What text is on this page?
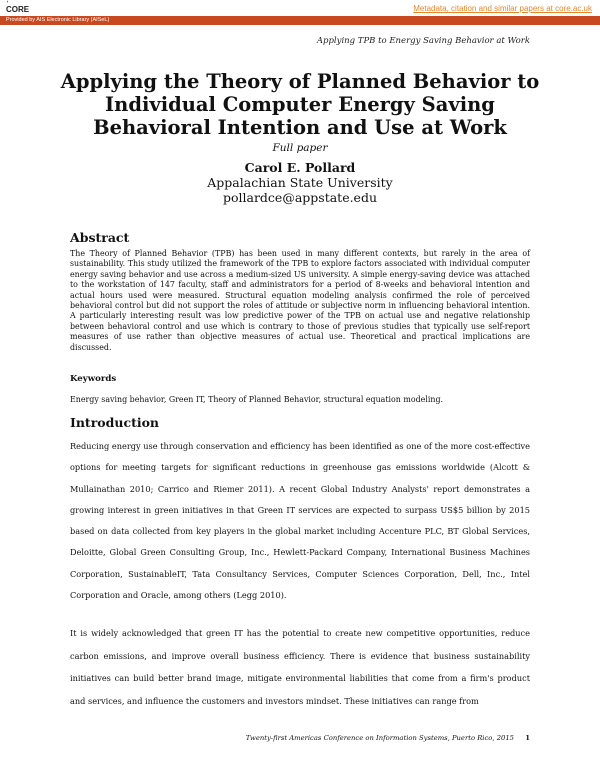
◖
CORE	Metadata, citation and similar papers at core.ac.uk
Provided by AIS Electronic Library (AISeL)
Applying TPB to Energy Saving Behavior at Work
Applying the Theory of Planned Behavior to Individual Computer Energy Saving Behavioral Intention and Use at Work
Full paper
Carol E. Pollard
Appalachian State University
pollardce@appstate.edu
Abstract
The Theory of Planned Behavior (TPB) has been used in many different contexts, but rarely in the area of sustainability. This study utilized the framework of the TPB to explore factors associated with individual computer energy saving behavior and use across a medium-sized US university. A simple energy-saving device was attached to the workstation of 147 faculty, staff and administrators for a period of 8-weeks and behavioral intention and actual hours used were measured. Structural equation modeling analysis confirmed the role of perceived behavioral control but did not support the roles of attitude or subjective norm in influencing behavioral intention. A particularly interesting result was low predictive power of the TPB on actual use and negative relationship between behavioral control and use which is contrary to those of previous studies that typically use self-report measures of use rather than objective measures of actual use. Theoretical and practical implications are discussed.
Keywords
Energy saving behavior, Green IT, Theory of Planned Behavior, structural equation modeling.
Introduction
Reducing energy use through conservation and efficiency has been identified as one of the more cost-effective options for meeting targets for significant reductions in greenhouse gas emissions worldwide (Alcott & Mullainathan 2010; Carrico and Riemer 2011). A recent Global Industry Analysts' report demonstrates a growing interest in green initiatives in that Green IT services are expected to surpass US$5 billion by 2015 based on data collected from key players in the global market including Accenture PLC, BT Global Services, Deloitte, Global Green Consulting Group, Inc., Hewlett-Packard Company, International Business Machines Corporation, SustainableIT, Tata Consultancy Services, Computer Sciences Corporation, Dell, Inc., Intel Corporation and Oracle, among others (Legg 2010).
It is widely acknowledged that green IT has the potential to create new competitive opportunities, reduce carbon emissions, and improve overall business efficiency. There is evidence that business sustainability initiatives can build better brand image, mitigate environmental liabilities that come from a firm's product and services, and influence the customers and investors mindset. These initiatives can range from
Twenty-first Americas Conference on Information Systems, Puerto Rico, 2015 1
